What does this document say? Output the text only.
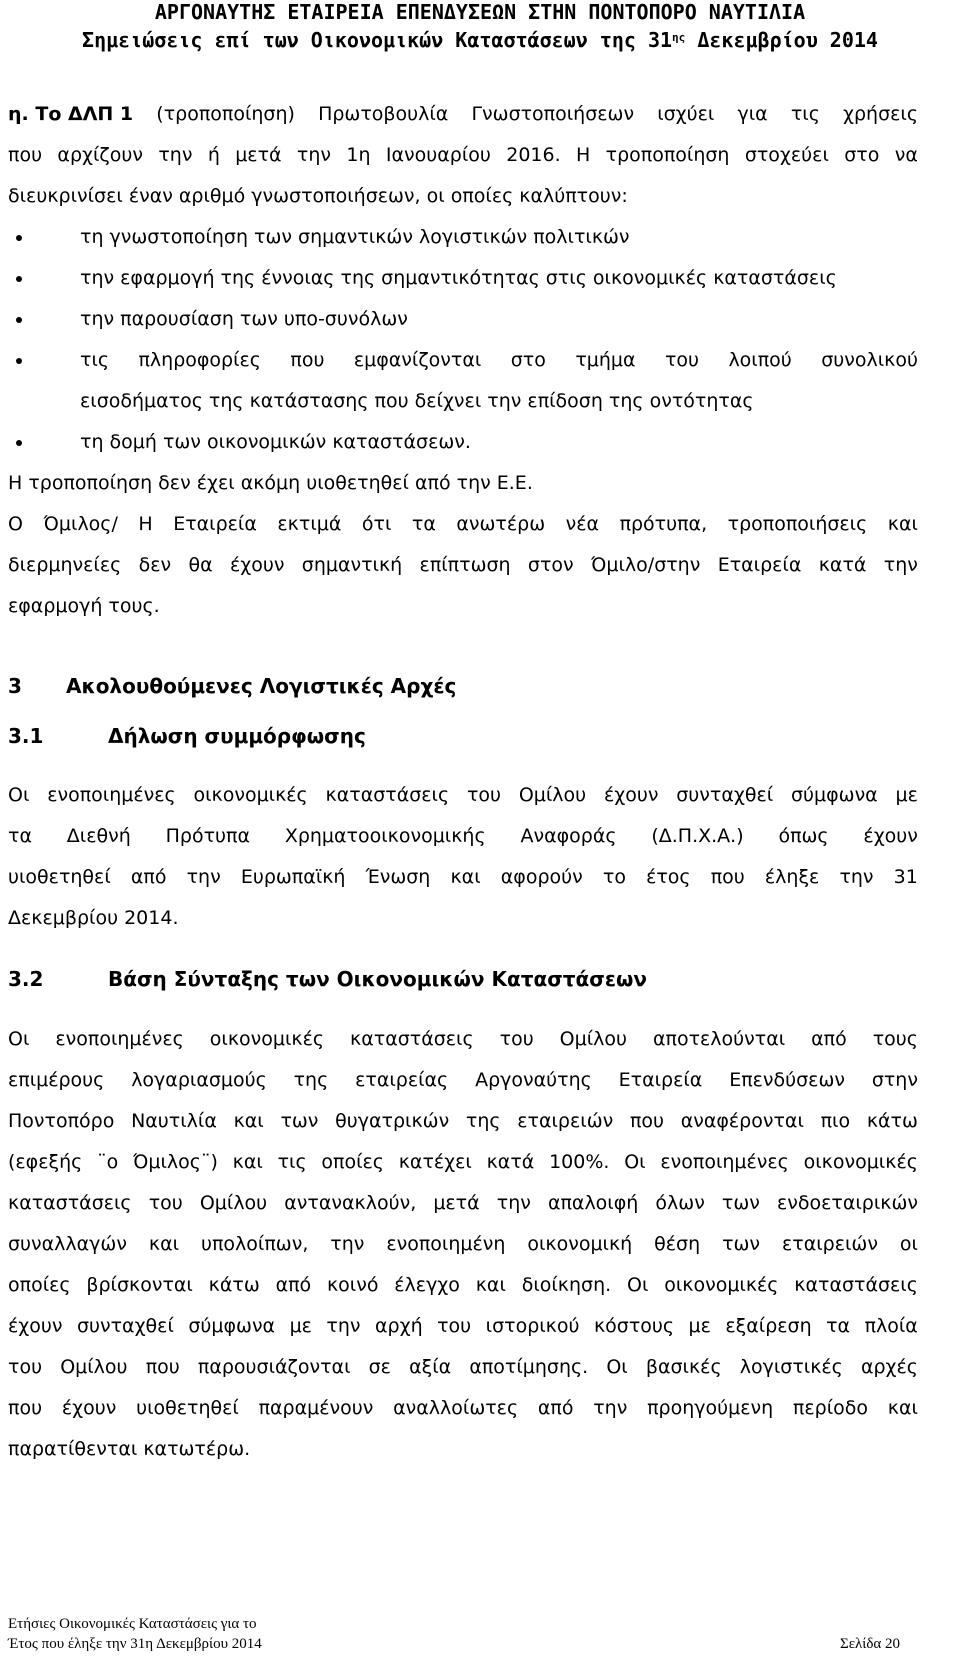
ΑΡΓΟΝΑΥΤΗΣ ΕΤΑΙΡΕΙΑ ΕΠΕΝΔΥΣΕΩΝ ΣΤΗΝ ΠΟΝΤΟΠΟΡΟ ΝΑΥΤΙΛΙΑ
Σημειώσεις επί των Οικονομικών Καταστάσεων της $31^{\eta\varsigma}$ Δεκεμβρίου 2014
η. Το ΔΛΠ 1 (τροποποίηση) Πρωτοβουλία Γνωστοποιήσεων ισχύει για τις χρήσεις
που αρχίζουν την ή μετά την 1η Ιανουαρίου 2016. Η τροποποίηση στοχεύει στο να
διευκρινίσει έναν αριθμό γνωστοποιήσεων, οι οποίες καλύπτουν:
τη γνωστοποίηση των σημαντικών λογιστικών πολιτικών
την εφαρμογή της έννοιας της σημαντικότητας στις οικονομικές καταστάσεις
την παρουσίαση των υπο-συνόλων
τις πληροφορίες που εμφανίζονται στο τμήμα του λοιπού συνολικού
εισοδήματος της κατάστασης που δείχνει την επίδοση της οντότητας
τη δομή των οικονομικών καταστάσεων.
Η τροποποίηση δεν έχει ακόμη υιοθετηθεί από την Ε.Ε.
Ο Όμιλος/ Η Εταιρεία εκτιμά ότι τα ανωτέρω νέα πρότυπα, τροποποιήσεις και
διερμηνείες δεν θα έχουν σημαντική επίπτωση στον Όμιλο/στην Εταιρεία κατά την
εφαρμογή τους.
3 Ακολουθούμενες Λογιστικές Αρχές
3.1	Δήλωση συμμόρφωσης
Οι ενοποιημένες οικονομικές καταστάσεις του Ομίλου έχουν συνταχθεί σύμφωνα με
τα Διεθνή Πρότυπα Χρηματοοικονομικής Αναφοράς (Δ.Π.Χ.Α.) όπως έχουν
υιοθετηθεί από την Ευρωπαϊκή Ένωση και αφορούν το έτος που έληξε την 31
Δεκεμβρίου 2014.
3.2	Βάση Σύνταξης των Οικονομικών Καταστάσεων
Οι ενοποιημένες οικονομικές καταστάσεις του Ομίλου αποτελούνται από τους
επιμέρους λογαριασμούς της εταιρείας Αργοναύτης Εταιρεία Επενδύσεων στην
Ποντοπόρο Ναυτιλία και των θυγατρικών της εταιρειών που αναφέρονται πιο κάτω
(εφεξής ¨ο Όμιλος¨) και τις οποίες κατέχει κατά 100%. Οι ενοποιημένες οικονομικές
καταστάσεις του Ομίλου αντανακλούν, μετά την απαλοιφή όλων των ενδοεταιρικών
συναλλαγών και υπολοίπων, την ενοποιημένη οικονομική θέση των εταιρειών οι
οποίες βρίσκονται κάτω από κοινό έλεγχο και διοίκηση. Οι οικονομικές καταστάσεις
έχουν συνταχθεί σύμφωνα με την αρχή του ιστορικού κόστους με εξαίρεση τα πλοία
του Ομίλου που παρουσιάζονται σε αξία αποτίμησης. Οι βασικές λογιστικές αρχές
που έχουν υιοθετηθεί παραμένουν αναλλοίωτες από την προηγούμενη περίοδο και
παρατίθενται κατωτέρω.
Ετήσιες Οικονομικές Καταστάσεις για το
Έτος που έληξε την 31η Δεκεμβρίου 2014	Σελίδα 20
